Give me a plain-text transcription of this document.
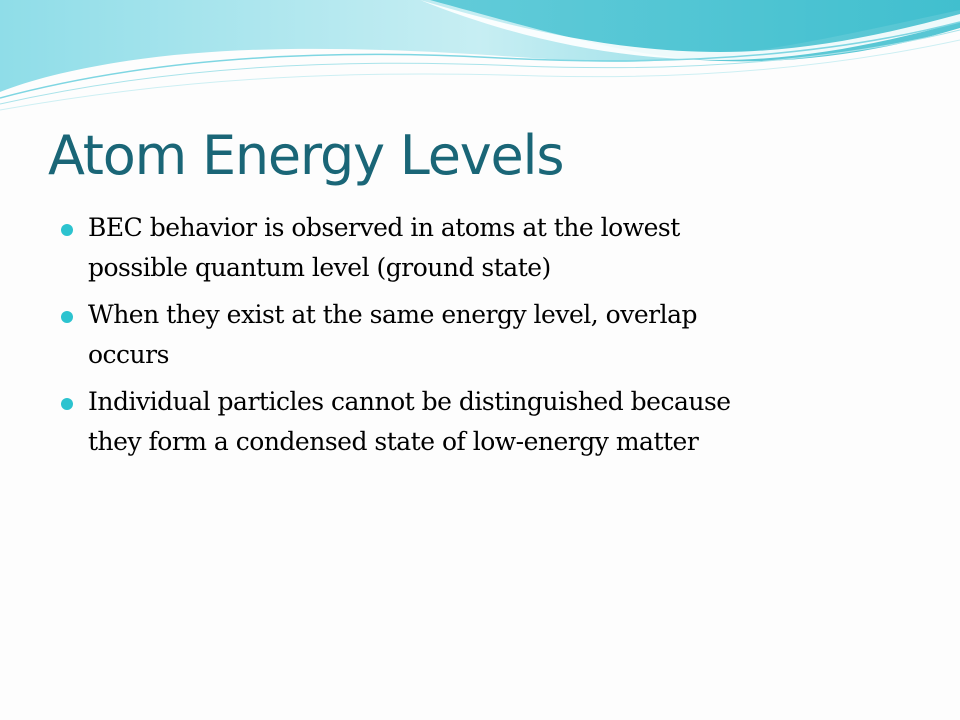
Atom Energy Levels
BEC behavior is observed in atoms at the lowest
possible quantum level (ground state)
When they exist at the same energy level, overlap
occurs
Individual particles cannot be distinguished because
they form a condensed state of low-energy matter
